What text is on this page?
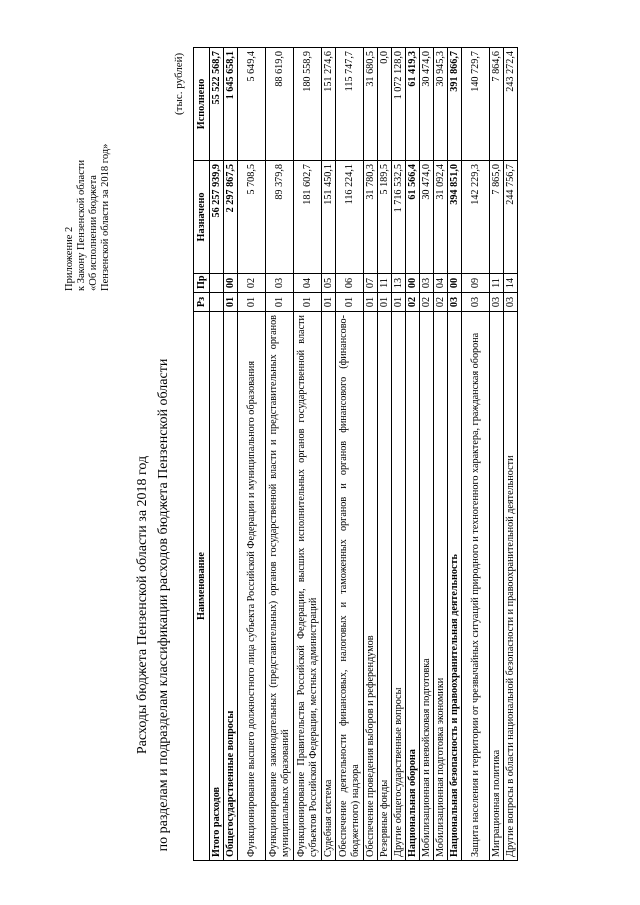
Приложение 2 к Закону Пензенской области «Об исполнении бюджета Пензенской области за 2018 год»
Расходы бюджета Пензенской области за 2018 год по разделам и подразделам классификации расходов бюджета Пензенской области
(тыс. рублей)
Наименование	Рз	Пр	Назначено	Исполнено
Итого расходов			56 257 939,9	55 522 568,7
Общегосударственные вопросы	01	00	2 297 867,5	1 645 658,1
Функционирование высшего должностного лица субъекта Российской Федерации и муниципального образования	01	02	5 708,5	5 649,4
Функционирование законодательных (представительных) органов государственной власти и представительных органов муниципальных образований	01	03	89 379,8	88 619,0
Функционирование Правительства Российской Федерации, высших исполнительных органов государственной власти субъектов Российской Федерации, местных администраций	01	04	181 602,7	180 558,9
Судебная система	01	05	151 450,1	151 274,6
Обеспечение деятельности финансовых, налоговых и таможенных органов и органов финансового (финансово-бюджетного) надзора	01	06	116 224,1	115 747,7
Обеспечение проведения выборов и референдумов	01	07	31 780,3	31 680,5
Резервные фонды	01	11	5 189,5	0,0
Другие общегосударственные вопросы	01	13	1 716 532,5	1 072 128,0
Национальная оборона	02	00	61 566,4	61 419,3
Мобилизационная и вневойсковая подготовка	02	03	30 474,0	30 474,0
Мобилизационная подготовка экономики	02	04	31 092,4	30 945,3
Национальная безопасность и правоохранительная деятельность	03	00	394 851,0	391 866,7
Защита населения и территории от чрезвычайных ситуаций природного и техногенного характера, гражданская оборона	03	09	142 229,3	140 729,7
Миграционная политика	03	11	7 865,0	7 864,6
Другие вопросы в области национальной безопасности и правоохранительной деятельности	03	14	244 756,7	243 272,4
